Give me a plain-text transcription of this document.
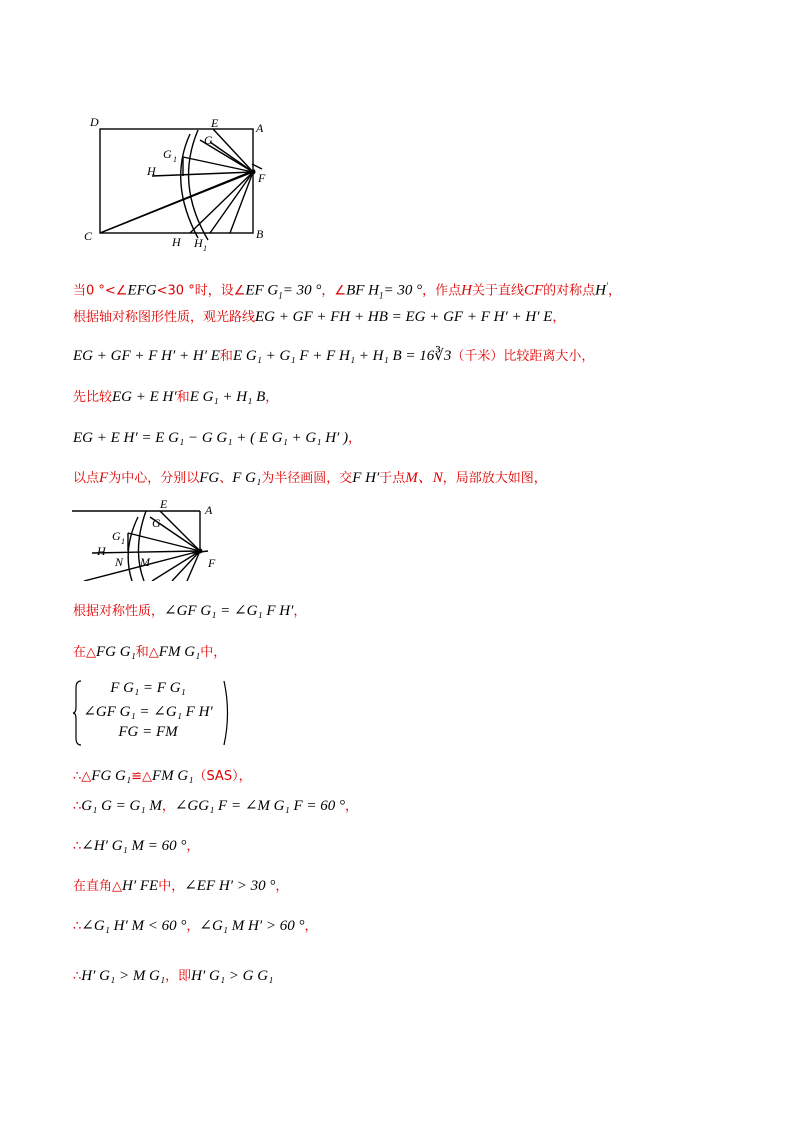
D	E	A
G
G 1
H	F
C	H H 1
B
当0 °<∠EFG<30 °时，设∠EF $G_1= 30$ °，∠BF $H_1= 30$ °，作点H关于直线CF的对称点H′，
根据轴对称图形性质，观光路线EG + GF + FH + HB = EG + GF + F H′ + H′ E，
EG + GF + F H′ + H′ E和E G₁ + G₁ F + F H₁ + H₁ B = 16∛3（千米）比较距离大小，
先比较EG + E H′和E G₁ + H₁ B，
EG + E H′ = E G₁ − G G₁ + ( E G₁ + G₁ H′ )，
以点F为中心，分别以FG、F G₁为半径画圆，交F H′于点M、N，局部放大如图，
E	A
G
G 1
H
N M	F
根据对称性质，∠GF G₁ = ∠G₁ F H′，
在△FG G₁和△FM G₁中，
F G₁ = F G₁
∠GF G₁ = ∠G₁ F H′
FG = FM
∴△FG G₁≌△FM G₁（SAS），
∴G₁ G = G₁ M，∠GG₁ F = ∠M G₁ F = 60 °，
∴∠H′ G₁ M = 60 °，
在直角△H′ FE中，∠EF H′ > 30 °，
∴∠G₁ H′ M < 60 °，∠G₁ M H′ > 60 °，
∴H′ G₁ > M G₁，即H′ G₁ > G G₁
